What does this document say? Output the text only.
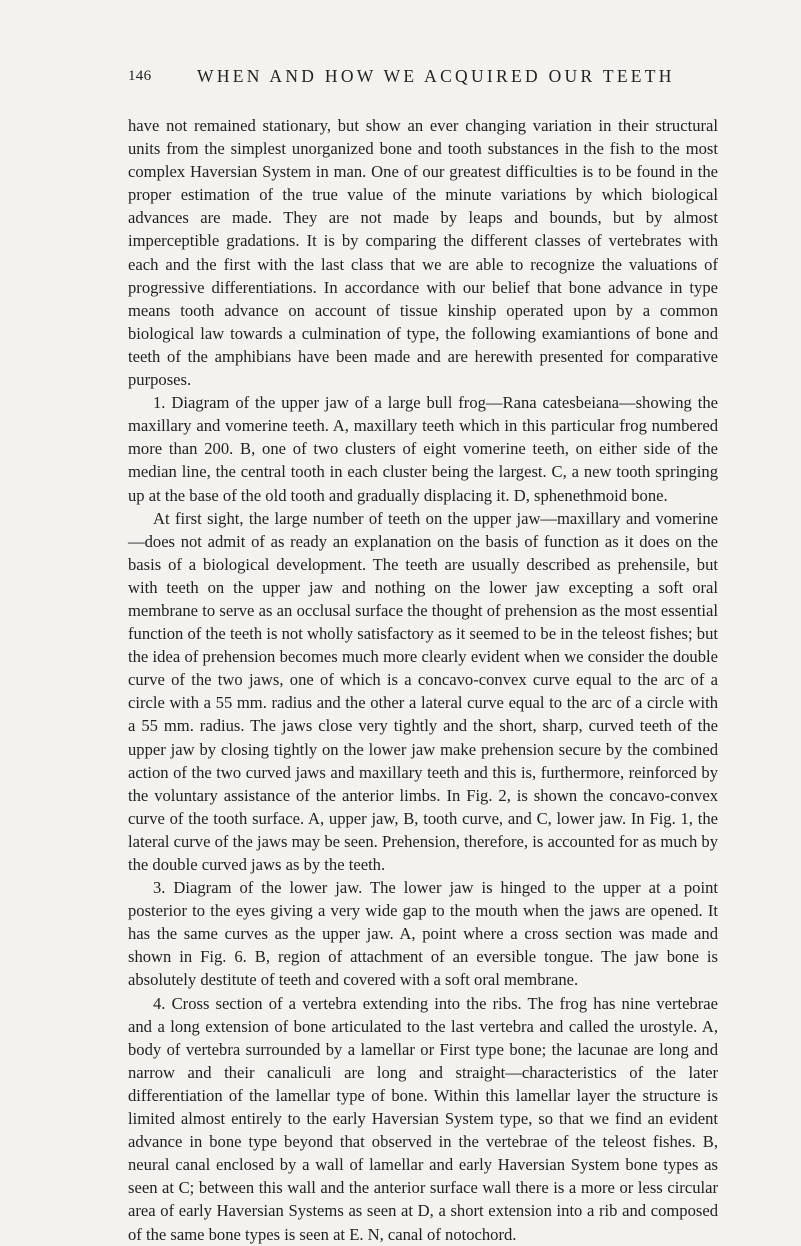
146	WHEN AND HOW WE ACQUIRED OUR TEETH

have not remained stationary, but show an ever changing variation in their structural units from the simplest unorganized bone and tooth substances in the fish to the most complex Haversian System in man. One of our greatest difficulties is to be found in the proper estimation of the true value of the minute variations by which biological advances are made. They are not made by leaps and bounds, but by almost imperceptible gradations. It is by comparing the different classes of vertebrates with each and the first with the last class that we are able to recognize the valuations of progressive differentiations. In accordance with our belief that bone advance in type means tooth advance on account of tissue kinship operated upon by a common biological law towards a culmination of type, the following examiantions of bone and teeth of the amphibians have been made and are herewith presented for comparative purposes.

1. Diagram of the upper jaw of a large bull frog—Rana catesbeiana—showing the maxillary and vomerine teeth. A, maxillary teeth which in this particular frog numbered more than 200. B, one of two clusters of eight vomerine teeth, on either side of the median line, the central tooth in each cluster being the largest. C, a new tooth springing up at the base of the old tooth and gradually displacing it. D, sphenethmoid bone.

At first sight, the large number of teeth on the upper jaw—maxillary and vomerine—does not admit of as ready an explanation on the basis of function as it does on the basis of a biological development. The teeth are usually described as prehensile, but with teeth on the upper jaw and nothing on the lower jaw excepting a soft oral membrane to serve as an occlusal surface the thought of prehension as the most essential function of the teeth is not wholly satisfactory as it seemed to be in the teleost fishes; but the idea of prehension becomes much more clearly evident when we consider the double curve of the two jaws, one of which is a concavo-convex curve equal to the arc of a circle with a 55 mm. radius and the other a lateral curve equal to the arc of a circle with a 55 mm. radius. The jaws close very tightly and the short, sharp, curved teeth of the upper jaw by closing tightly on the lower jaw make prehension secure by the combined action of the two curved jaws and maxillary teeth and this is, furthermore, reinforced by the voluntary assistance of the anterior limbs. In Fig. 2, is shown the concavo-convex curve of the tooth surface. A, upper jaw, B, tooth curve, and C, lower jaw. In Fig. 1, the lateral curve of the jaws may be seen. Prehension, therefore, is accounted for as much by the double curved jaws as by the teeth.

3. Diagram of the lower jaw. The lower jaw is hinged to the upper at a point posterior to the eyes giving a very wide gap to the mouth when the jaws are opened. It has the same curves as the upper jaw. A, point where a cross section was made and shown in Fig. 6. B, region of attachment of an eversible tongue. The jaw bone is absolutely destitute of teeth and covered with a soft oral membrane.

4. Cross section of a vertebra extending into the ribs. The frog has nine vertebrae and a long extension of bone articulated to the last vertebra and called the urostyle. A, body of vertebra surrounded by a lamellar or First type bone; the lacunae are long and narrow and their canaliculi are long and straight—characteristics of the later differentiation of the lamellar type of bone. Within this lamellar layer the structure is limited almost entirely to the early Haversian System type, so that we find an evident advance in bone type beyond that observed in the vertebrae of the teleost fishes. B, neural canal enclosed by a wall of lamellar and early Haversian System bone types as seen at C; between this wall and the anterior surface wall there is a more or less circular area of early Haversian Systems as seen at D, a short extension into a rib and composed of the same bone types is seen at E. N, canal of notochord.
